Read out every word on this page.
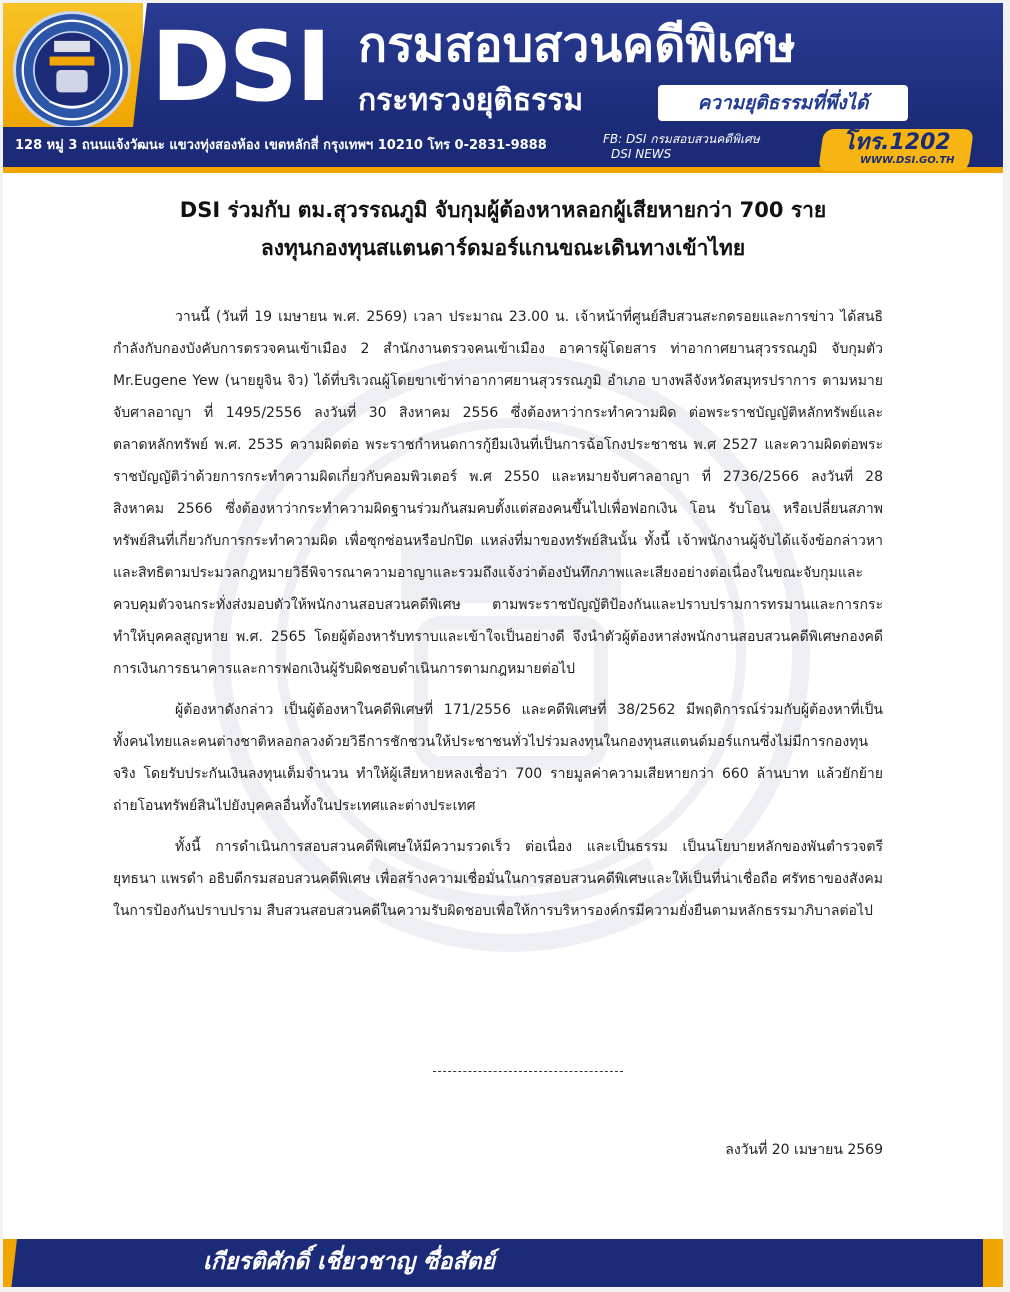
DSI กรมสอบสวนคดีพิเศษ
กระทรวงยุติธรรม	ความยุติธรรมที่พึ่งได้
128 หมู่ 3 ถนนแจ้งวัฒนะ แขวงทุ่งสองห้อง เขตหลักสี่ กรุงเทพฯ 10210 โทร 0-2831-9888	FB: DSI กรมสอบสวนคดีพิเศษ
DSI NEWS	โทร.1202
WWW.DSI.GO.TH
DSI ร่วมกับ ตม.สุวรรณภูมิ จับกุมผู้ต้องหาหลอกผู้เสียหายกว่า 700 ราย
ลงทุนกองทุนสแตนดาร์ดมอร์แกนขณะเดินทางเข้าไทย

วานนี้ (วันที่ 19 เมษายน พ.ศ. 2569) เวลา ประมาณ 23.00 น. เจ้าหน้าที่ศูนย์สืบสวนสะกดรอยและการข่าว ได้สนธิกำลังกับกองบังคับการตรวจคนเข้าเมือง 2 สำนักงานตรวจคนเข้าเมือง อาคารผู้โดยสาร ท่าอากาศยานสุวรรณภูมิ จับกุมตัว Mr.Eugene Yew (นายยูจิน จิว) ได้ที่บริเวณผู้โดยขาเข้าท่าอากาศยานสุวรรณภูมิ อำเภอ บางพลีจังหวัดสมุทรปราการ ตามหมายจับศาลอาญา ที่ 1495/2556 ลงวันที่ 30 สิงหาคม 2556 ซึ่งต้องหาว่ากระทำความผิด ต่อพระราชบัญญัติหลักทรัพย์และตลาดหลักทรัพย์ พ.ศ. 2535 ความผิดต่อ พระราชกำหนดการกู้ยืมเงินที่เป็นการฉ้อโกงประชาชน พ.ศ 2527 และความผิดต่อพระราชบัญญัติว่าด้วยการกระทำความผิดเกี่ยวกับคอมพิวเตอร์ พ.ศ 2550 และหมายจับศาลอาญา ที่ 2736/2566 ลงวันที่ 28 สิงหาคม 2566 ซึ่งต้องหาว่ากระทำความผิดฐานร่วมกันสมคบตั้งแต่สองคนขึ้นไปเพื่อฟอกเงิน โอน รับโอน หรือเปลี่ยนสภาพทรัพย์สินที่เกี่ยวกับการกระทำความผิด เพื่อซุกซ่อนหรือปกปิด แหล่งที่มาของทรัพย์สินนั้น ทั้งนี้ เจ้าพนักงานผู้จับได้แจ้งข้อกล่าวหา และสิทธิตามประมวลกฎหมายวิธีพิจารณาความอาญาและรวมถึงแจ้งว่าต้องบันทึกภาพและเสียงอย่างต่อเนื่องในขณะจับกุมและควบคุมตัวจนกระทั่งส่งมอบตัวให้พนักงานสอบสวนคดีพิเศษ ตามพระราชบัญญัติป้องกันและปราบปรามการทรมานและการกระทำให้บุคคลสูญหาย พ.ศ. 2565 โดยผู้ต้องหารับทราบและเข้าใจเป็นอย่างดี จึงนำตัวผู้ต้องหาส่งพนักงานสอบสวนคดีพิเศษกองคดีการเงินการธนาคารและการฟอกเงินผู้รับผิดชอบดำเนินการตามกฎหมายต่อไป

ผู้ต้องหาดังกล่าว เป็นผู้ต้องหาในคดีพิเศษที่ 171/2556 และคดีพิเศษที่ 38/2562 มีพฤติการณ์ร่วมกับผู้ต้องหาที่เป็นทั้งคนไทยและคนต่างชาติหลอกลวงด้วยวิธีการชักชวนให้ประชาชนทั่วไปร่วมลงทุนในกองทุนสแตนด์มอร์แกนซึ่งไม่มีการกองทุนจริง โดยรับประกันเงินลงทุนเต็มจำนวน ทำให้ผู้เสียหายหลงเชื่อว่า 700 รายมูลค่าความเสียหายกว่า 660 ล้านบาท แล้วยักย้ายถ่ายโอนทรัพย์สินไปยังบุคคลอื่นทั้งในประเทศและต่างประเทศ

ทั้งนี้ การดำเนินการสอบสวนคดีพิเศษให้มีความรวดเร็ว ต่อเนื่อง และเป็นธรรม เป็นนโยบายหลักของพันตำรวจตรี ยุทธนา แพรดำ อธิบดีกรมสอบสวนคดีพิเศษ เพื่อสร้างความเชื่อมั่นในการสอบสวนคดีพิเศษและให้เป็นที่น่าเชื่อถือ ศรัทธาของสังคมในการป้องกันปราบปราม สืบสวนสอบสวนคดีในความรับผิดชอบเพื่อให้การบริหารองค์กรมีความยั่งยืนตามหลักธรรมาภิบาลต่อไป

ลงวันที่ 20 เมษายน 2569
เกียรติศักดิ์ เชี่ยวชาญ ซื่อสัตย์
